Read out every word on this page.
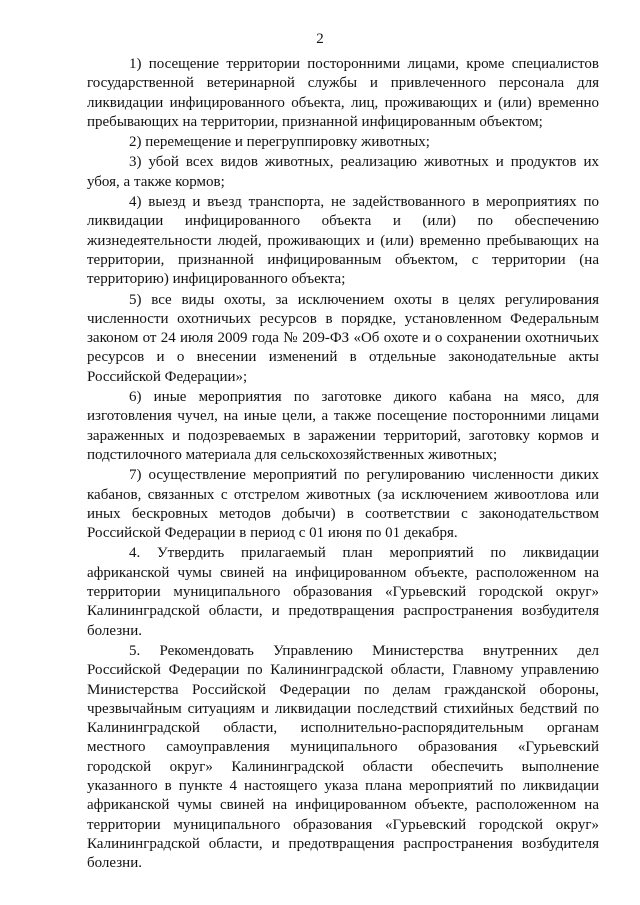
2

1) посещение территории посторонними лицами, кроме специалистов государственной ветеринарной службы и привлеченного персонала для ликвидации инфицированного объекта, лиц, проживающих и (или) временно пребывающих на территории, признанной инфицированным объектом;

2) перемещение и перегруппировку животных;

3) убой всех видов животных, реализацию животных и продуктов их убоя, а также кормов;

4) выезд и въезд транспорта, не задействованного в мероприятиях по ликвидации инфицированного объекта и (или) по обеспечению жизнедеятельности людей, проживающих и (или) временно пребывающих на территории, признанной инфицированным объектом, с территории (на территорию) инфицированного объекта;

5) все виды охоты, за исключением охоты в целях регулирования численности охотничьих ресурсов в порядке, установленном Федеральным законом от 24 июля 2009 года № 209-ФЗ «Об охоте и о сохранении охотничьих ресурсов и о внесении изменений в отдельные законодательные акты Российской Федерации»;

6) иные мероприятия по заготовке дикого кабана на мясо, для изготовления чучел, на иные цели, а также посещение посторонними лицами зараженных и подозреваемых в заражении территорий, заготовку кормов и подстилочного материала для сельскохозяйственных животных;

7) осуществление мероприятий по регулированию численности диких кабанов, связанных с отстрелом животных (за исключением живоотлова или иных бескровных методов добычи) в соответствии с законодательством Российской Федерации в период с 01 июня по 01 декабря.

4. Утвердить прилагаемый план мероприятий по ликвидации африканской чумы свиней на инфицированном объекте, расположенном на территории муниципального образования «Гурьевский городской округ» Калининградской области, и предотвращения распространения возбудителя болезни.

5. Рекомендовать Управлению Министерства внутренних дел Российской Федерации по Калининградской области, Главному управлению Министерства Российской Федерации по делам гражданской обороны, чрезвычайным ситуациям и ликвидации последствий стихийных бедствий по Калининградской области, исполнительно-распорядительным органам местного самоуправления муниципального образования «Гурьевский городской округ» Калининградской области обеспечить выполнение указанного в пункте 4 настоящего указа плана мероприятий по ликвидации африканской чумы свиней на инфицированном объекте, расположенном на территории муниципального образования «Гурьевский городской округ» Калининградской области, и предотвращения распространения возбудителя болезни.
